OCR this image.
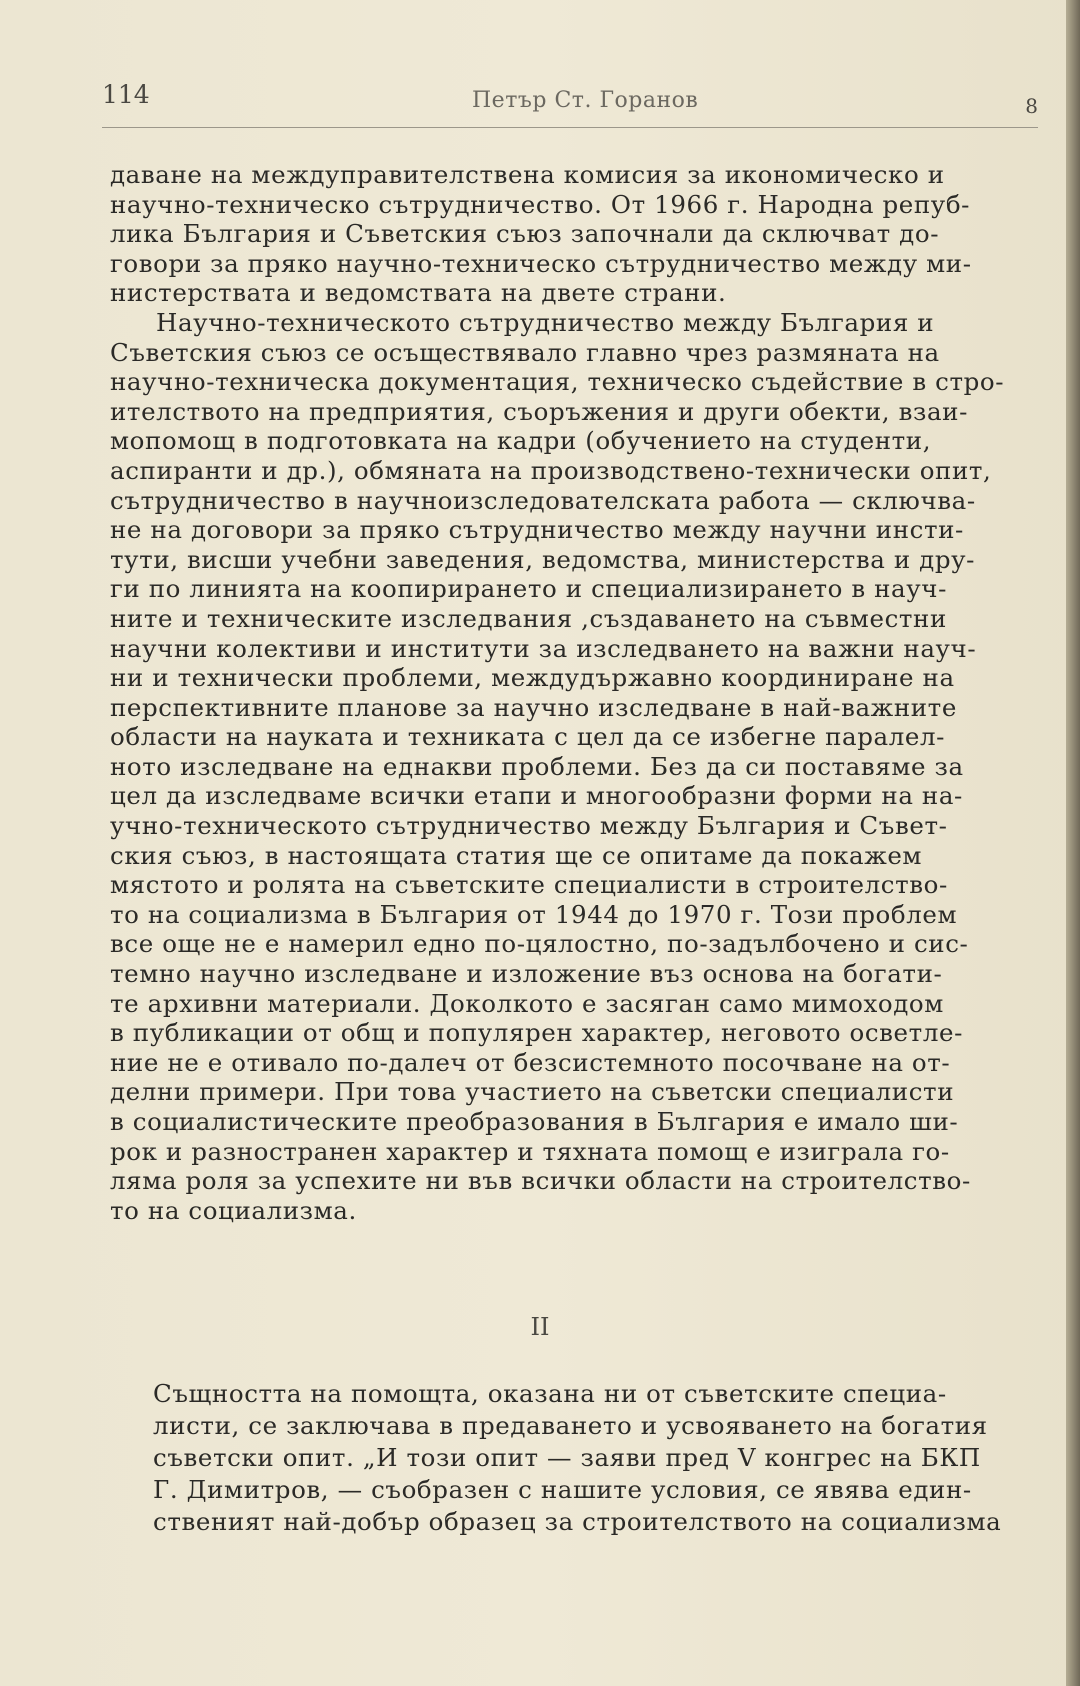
114	Петър Ст. Горанов	8
даване на междуправителствена комисия за икономическо и
научно-техническо сътрудничество. От 1966 г. Народна репуб-
лика България и Съветския съюз започнали да сключват до-
говори за пряко научно-техническо сътрудничество между ми-
нистерствата и ведомствата на двете страни.
Научно-техническото сътрудничество между България и
Съветския съюз се осъществявало главно чрез размяната на
научно-техническа документация, техническо съдействие в стро-
ителството на предприятия, съоръжения и други обекти, взаи-
мопомощ в подготовката на кадри (обучението на студенти,
аспиранти и др.), обмяната на производствено-технически опит,
сътрудничество в научноизследователската работа — сключва-
не на договори за пряко сътрудничество между научни инсти-
тути, висши учебни заведения, ведомства, министерства и дру-
ги по линията на коопирирането и специализирането в науч-
ните и техническите изследвания ,създаването на съвместни
научни колективи и институти за изследването на важни науч-
ни и технически проблеми, междудържавно координиране на
перспективните планове за научно изследване в най-важните
области на науката и техниката с цел да се избегне паралел-
ното изследване на еднакви проблеми. Без да си поставяме за
цел да изследваме всички етапи и многообразни форми на на-
учно-техническото сътрудничество между България и Съвет-
ския съюз, в настоящата статия ще се опитаме да покажем
мястото и ролята на съветските специалисти в строителство-
то на социализма в България от 1944 до 1970 г. Този проблем
все още не е намерил едно по-цялостно, по-задълбочено и сис-
темно научно изследване и изложение въз основа на богати-
те архивни материали. Доколкото е засяган само мимоходом
в публикации от общ и популярен характер, неговото осветле-
ние не е отивало по-далеч от безсистемното посочване на от-
делни примери. При това участието на съветски специалисти
в социалистическите преобразования в България е имало ши-
рок и разностранен характер и тяхната помощ е изиграла го-
ляма роля за успехите ни във всички области на строителство-
то на социализма.
II
Същността на помощта, оказана ни от съветските специа-
листи, се заключава в предаването и усвояването на богатия
съветски опит. „И този опит — заяви пред V конгрес на БКП
Г. Димитров, — съобразен с нашите условия, се явява един-
ственият най-добър образец за строителството на социализма
